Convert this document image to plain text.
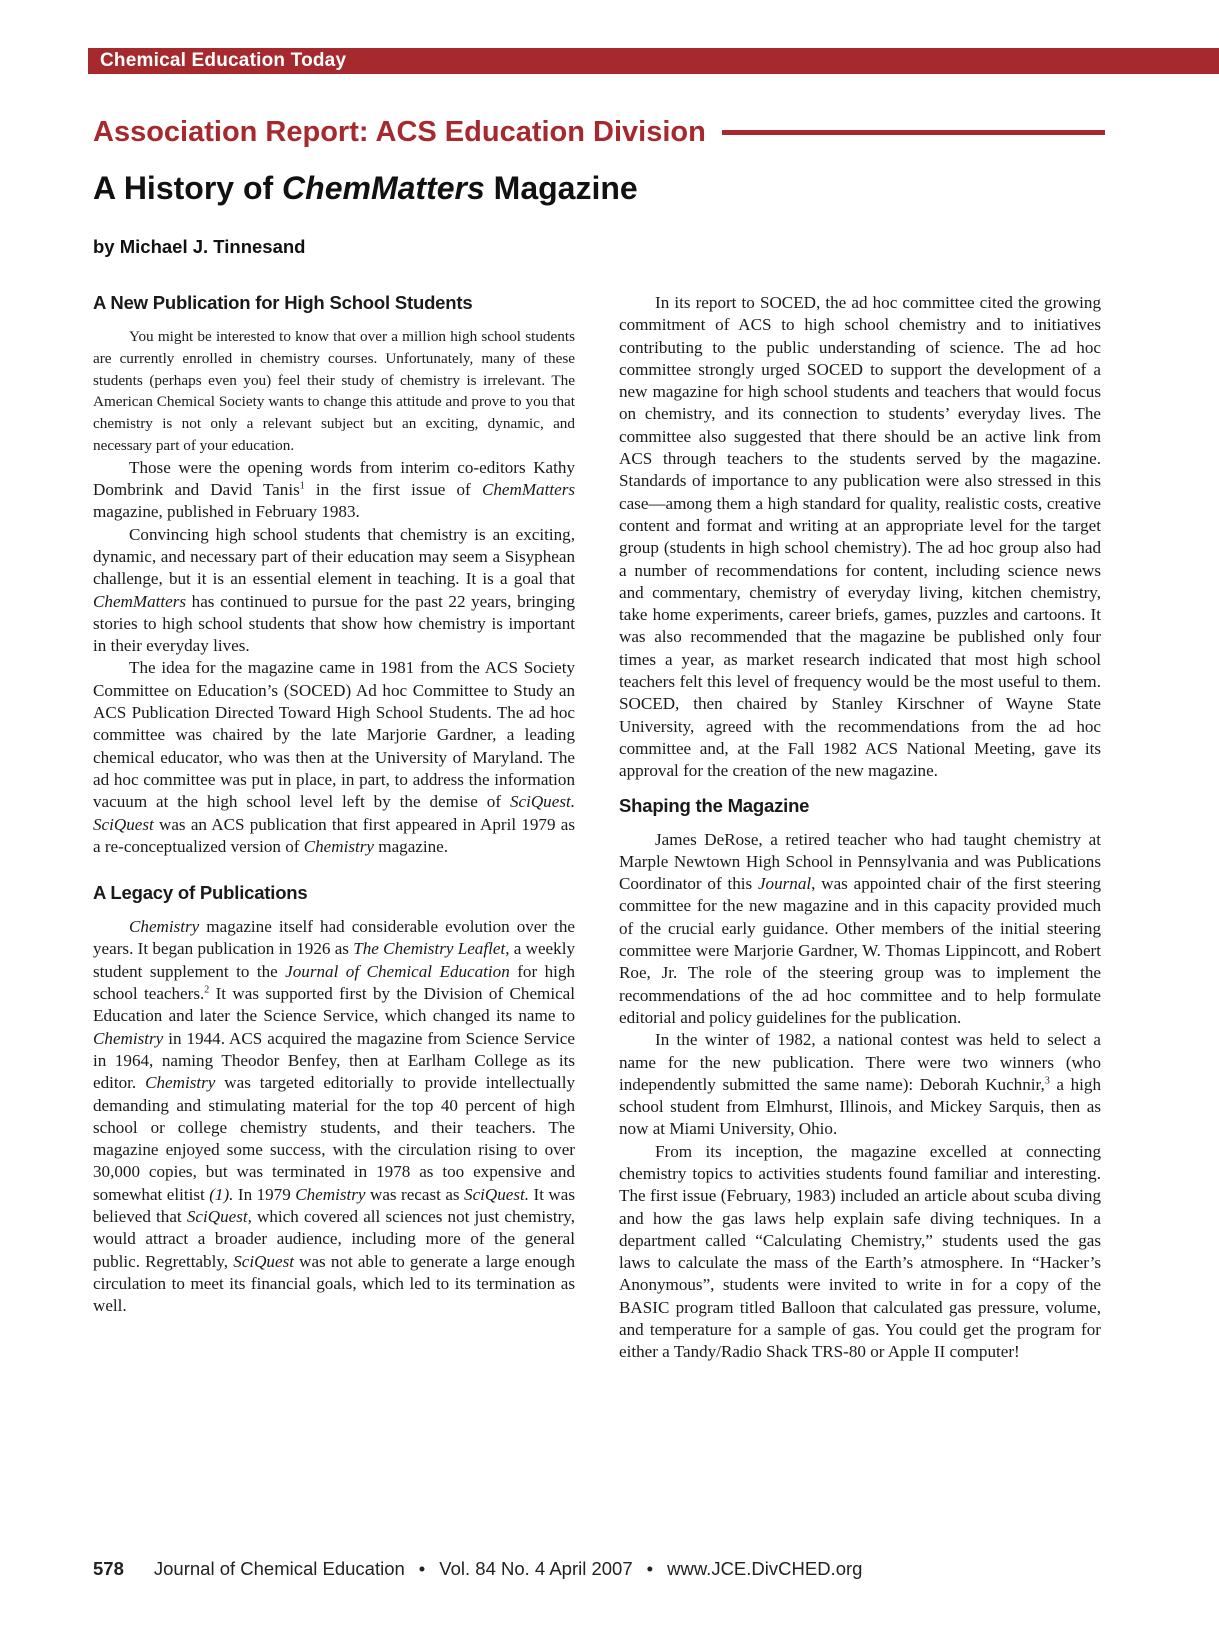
Chemical Education Today
Association Report: ACS Education Division
A History of ChemMatters Magazine
by Michael J. Tinnesand
A New Publication for High School Students

You might be interested to know that over a million high school students are currently enrolled in chemistry courses. Unfortunately, many of these students (perhaps even you) feel their study of chemistry is irrelevant. The American Chemical Society wants to change this attitude and prove to you that chemistry is not only a relevant subject but an exciting, dynamic, and necessary part of your education.

Those were the opening words from interim co-editors Kathy Dombrink and David Tanis$^1$ in the first issue of ChemMatters magazine, published in February 1983.

Convincing high school students that chemistry is an exciting, dynamic, and necessary part of their education may seem a Sisyphean challenge, but it is an essential element in teaching. It is a goal that ChemMatters has continued to pursue for the past 22 years, bringing stories to high school students that show how chemistry is important in their everyday lives.

The idea for the magazine came in 1981 from the ACS Society Committee on Education’s (SOCED) Ad hoc Committee to Study an ACS Publication Directed Toward High School Students. The ad hoc committee was chaired by the late Marjorie Gardner, a leading chemical educator, who was then at the University of Maryland. The ad hoc committee was put in place, in part, to address the information vacuum at the high school level left by the demise of SciQuest. SciQuest was an ACS publication that first appeared in April 1979 as a re-conceptualized version of Chemistry magazine.

A Legacy of Publications

Chemistry magazine itself had considerable evolution over the years. It began publication in 1926 as The Chemistry Leaflet, a weekly student supplement to the Journal of Chemical Education for high school teachers.$^2$ It was supported first by the Division of Chemical Education and later the Science Service, which changed its name to Chemistry in 1944. ACS acquired the magazine from Science Service in 1964, naming Theodor Benfey, then at Earlham College as its editor. Chemistry was targeted editorially to provide intellectually demanding and stimulating material for the top 40 percent of high school or college chemistry students, and their teachers. The magazine enjoyed some success, with the circulation rising to over 30,000 copies, but was terminated in 1978 as too expensive and somewhat elitist (1). In 1979 Chemistry was recast as SciQuest. It was believed that SciQuest, which covered all sciences not just chemistry, would attract a broader audience, including more of the general public. Regrettably, SciQuest was not able to generate a large enough circulation to meet its financial goals, which led to its termination as well.

In its report to SOCED, the ad hoc committee cited the growing commitment of ACS to high school chemistry and to initiatives contributing to the public understanding of science. The ad hoc committee strongly urged SOCED to support the development of a new magazine for high school students and teachers that would focus on chemistry, and its connection to students’ everyday lives. The committee also suggested that there should be an active link from ACS through teachers to the students served by the magazine. Standards of importance to any publication were also stressed in this case—among them a high standard for quality, realistic costs, creative content and format and writing at an appropriate level for the target group (students in high school chemistry). The ad hoc group also had a number of recommendations for content, including science news and commentary, chemistry of everyday living, kitchen chemistry, take home experiments, career briefs, games, puzzles and cartoons. It was also recommended that the magazine be published only four times a year, as market research indicated that most high school teachers felt this level of frequency would be the most useful to them. SOCED, then chaired by Stanley Kirschner of Wayne State University, agreed with the recommendations from the ad hoc committee and, at the Fall 1982 ACS National Meeting, gave its approval for the creation of the new magazine.

Shaping the Magazine

James DeRose, a retired teacher who had taught chemistry at Marple Newtown High School in Pennsylvania and was Publications Coordinator of this Journal, was appointed chair of the first steering committee for the new magazine and in this capacity provided much of the crucial early guidance. Other members of the initial steering committee were Marjorie Gardner, W. Thomas Lippincott, and Robert Roe, Jr. The role of the steering group was to implement the recommendations of the ad hoc committee and to help formulate editorial and policy guidelines for the publication.

In the winter of 1982, a national contest was held to select a name for the new publication. There were two winners (who independently submitted the same name): Deborah Kuchnir,$^3$ a high school student from Elmhurst, Illinois, and Mickey Sarquis, then as now at Miami University, Ohio.

From its inception, the magazine excelled at connecting chemistry topics to activities students found familiar and interesting. The first issue (February, 1983) included an article about scuba diving and how the gas laws help explain safe diving techniques. In a department called “Calculating Chemistry,” students used the gas laws to calculate the mass of the Earth’s atmosphere. In “Hacker’s Anonymous”, students were invited to write in for a copy of the BASIC program titled Balloon that calculated gas pressure, volume, and temperature for a sample of gas. You could get the program for either a Tandy/Radio Shack TRS-80 or Apple II computer!

578 Journal of Chemical Education • Vol. 84 No. 4 April 2007 • www.JCE.DivCHED.org
